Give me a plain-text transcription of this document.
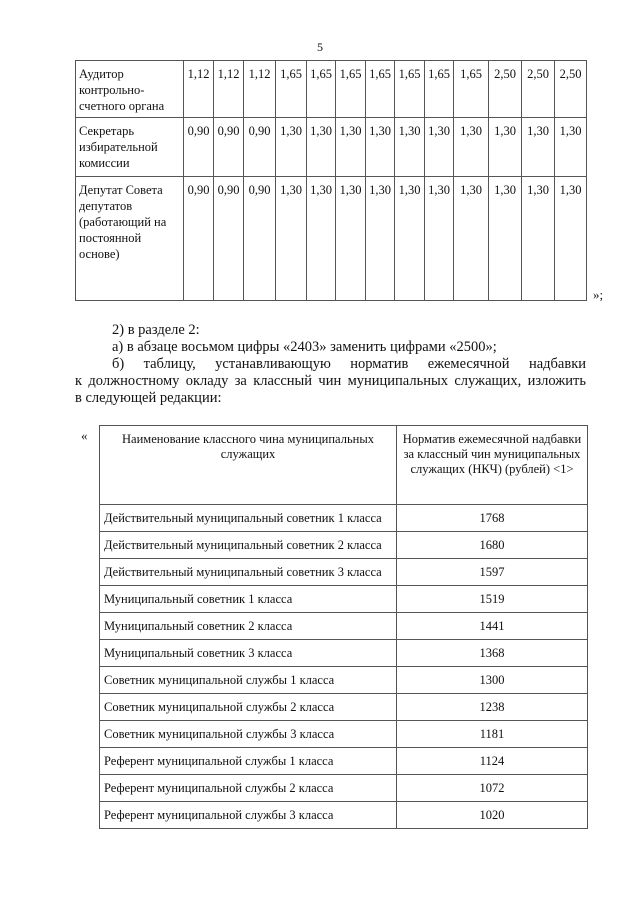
5
Аудитор
контрольно-
счетного органа	1,12	1,12	1,12	1,65	1,65	1,65	1,65	1,65	1,65	1,65	2,50	2,50	2,50

Секретарь
избирательной
комиссии	0,90	0,90	0,90	1,30	1,30	1,30	1,30	1,30	1,30	1,30	1,30	1,30	1,30

Депутат Совета
депутатов
(работающий на
постоянной
основе)	0,90	0,90	0,90	1,30	1,30	1,30	1,30	1,30	1,30	1,30	1,30	1,30	1,30
»;
2) в разделе 2:
а) в абзаце восьмом цифры «2403» заменить цифрами «2500»;
б) таблицу, устанавливающую норматив ежемесячной надбавки
к должностному окладу за классный чин муниципальных служащих, изложить
в следующей редакции:
«	Наименование классного чина муниципальных служащих	Норматив ежемесячной надбавки за классный чин муниципальных служащих (НКЧ) (рублей) <1>
Действительный муниципальный советник 1 класса	1768
Действительный муниципальный советник 2 класса	1680
Действительный муниципальный советник 3 класса	1597
Муниципальный советник 1 класса	1519
Муниципальный советник 2 класса	1441
Муниципальный советник 3 класса	1368
Советник муниципальной службы 1 класса	1300
Советник муниципальной службы 2 класса	1238
Советник муниципальной службы 3 класса	1181
Референт муниципальной службы 1 класса	1124
Референт муниципальной службы 2 класса	1072
Референт муниципальной службы 3 класса	1020
